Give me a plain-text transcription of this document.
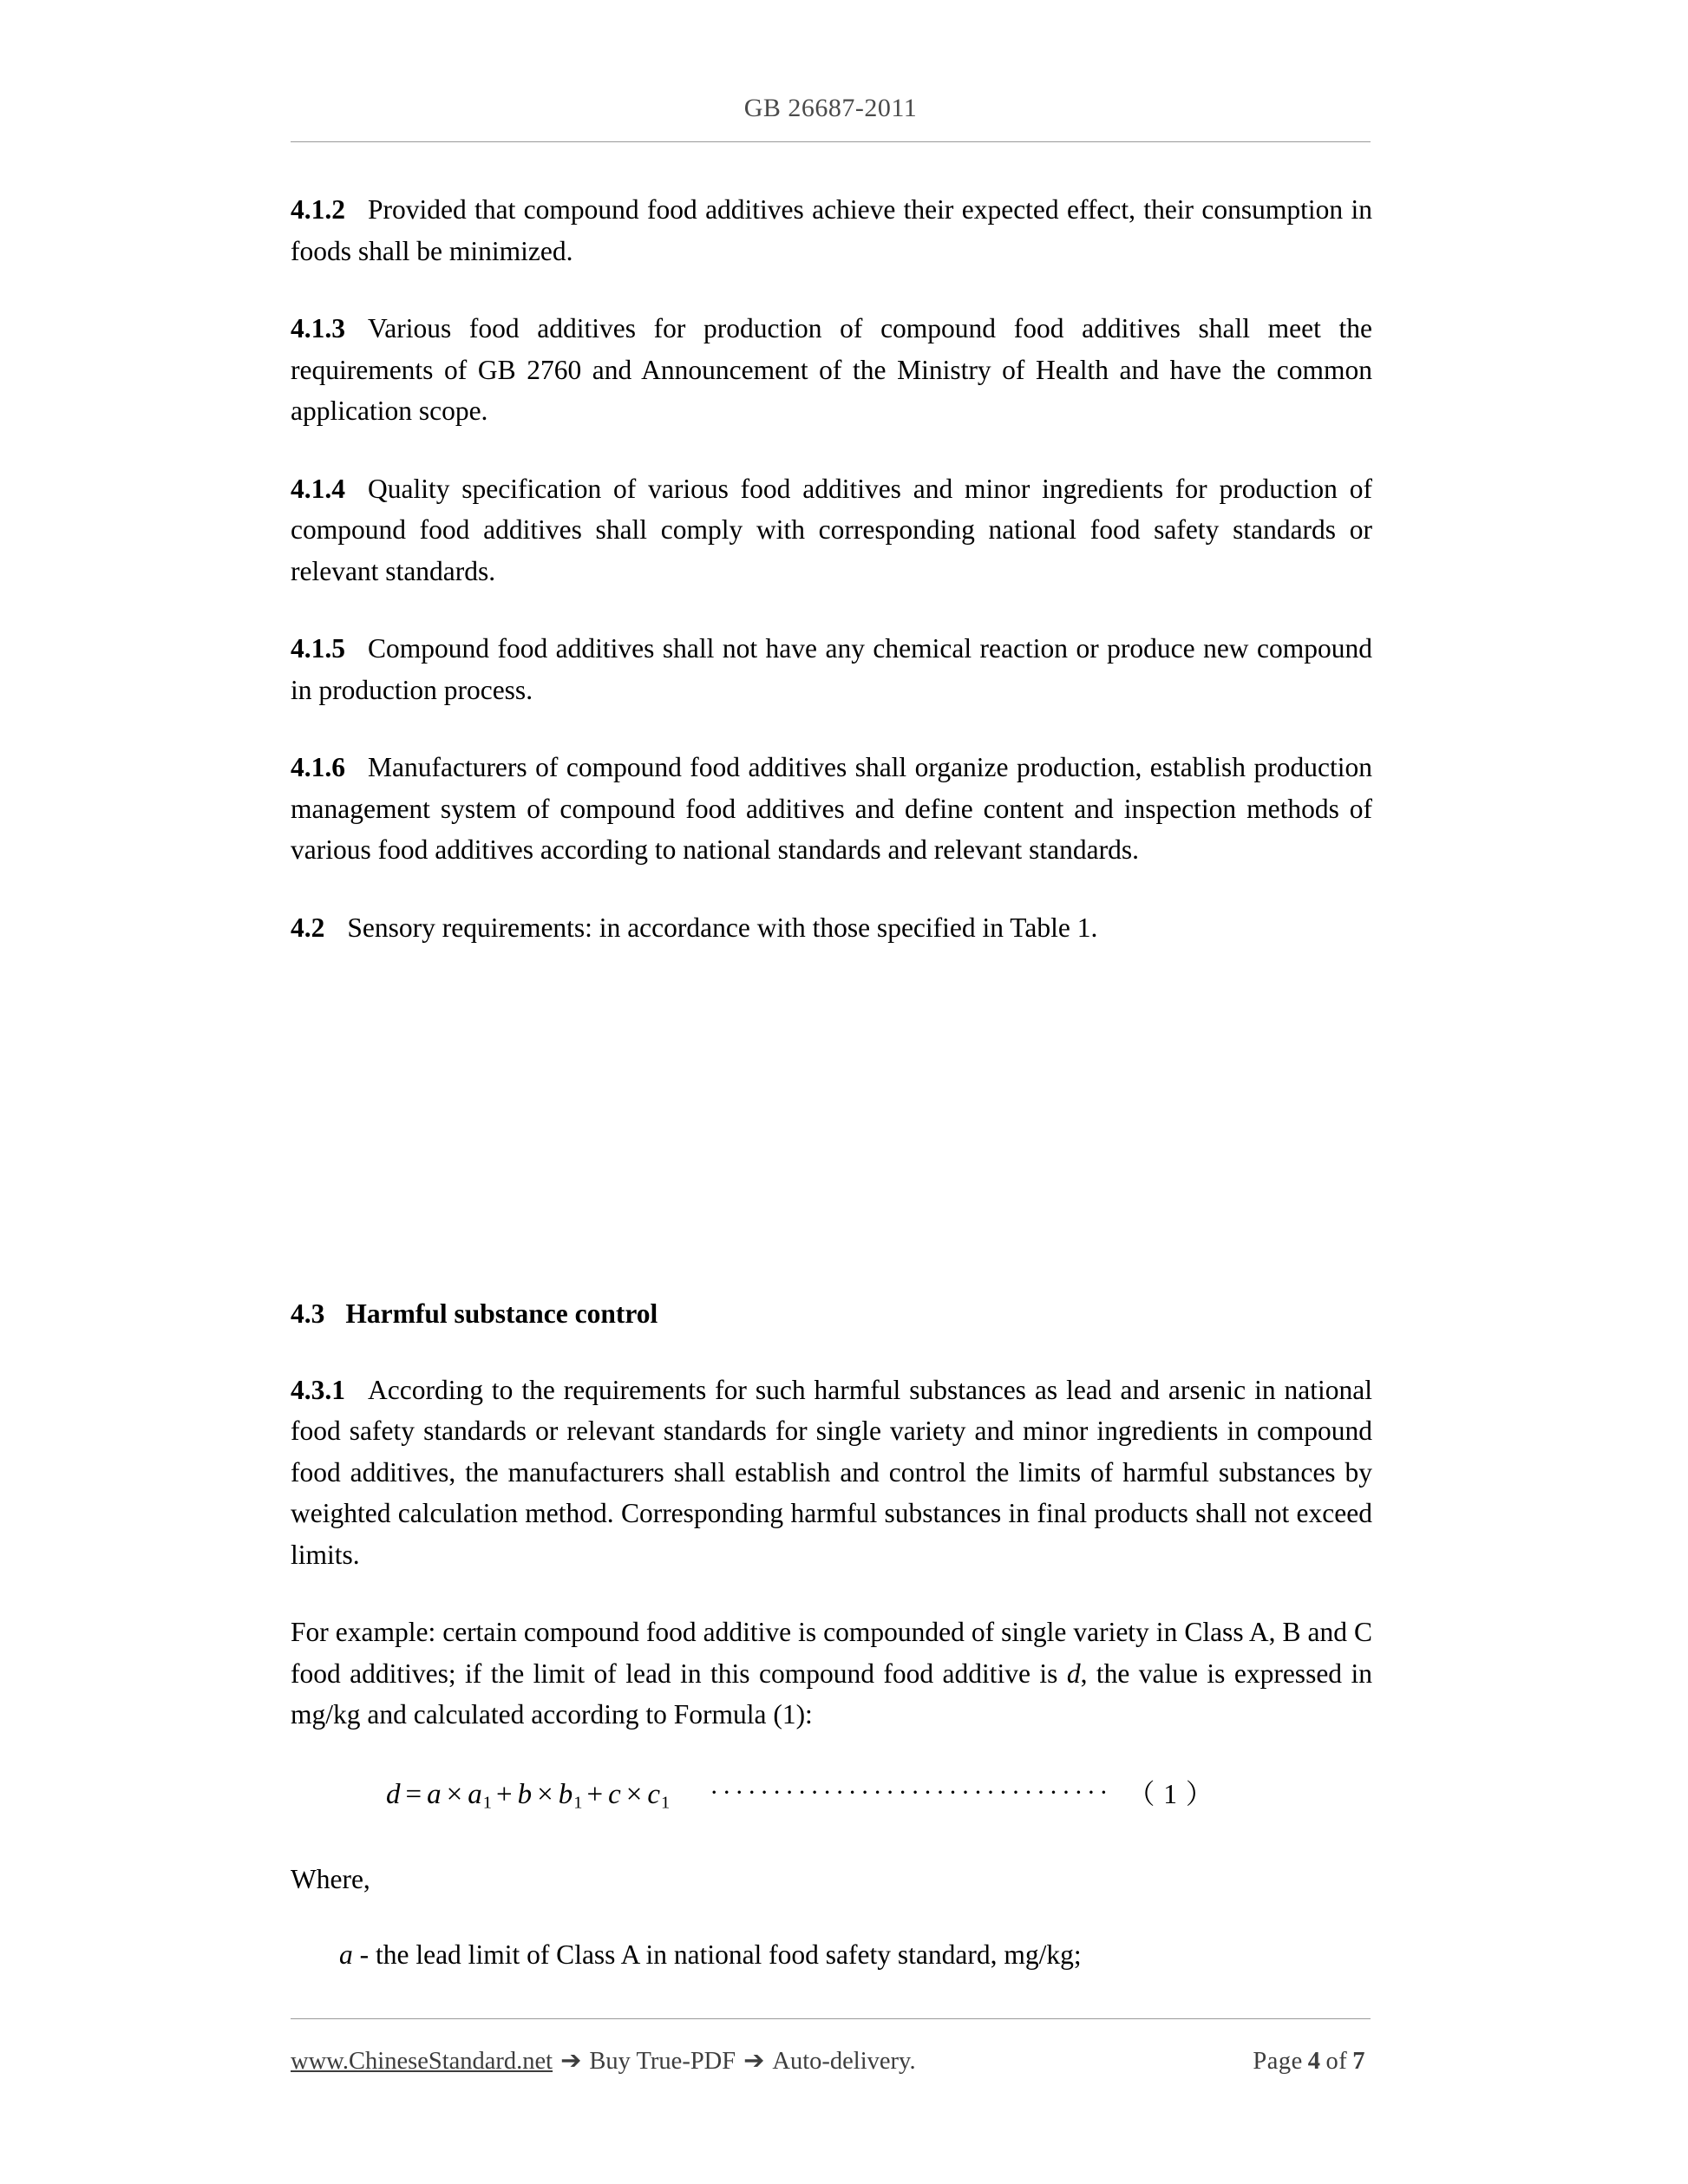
GB 26687-2011

4.1.2 Provided that compound food additives achieve their expected effect, their consumption in foods shall be minimized.

4.1.3 Various food additives for production of compound food additives shall meet the requirements of GB 2760 and Announcement of the Ministry of Health and have the common application scope.

4.1.4 Quality specification of various food additives and minor ingredients for production of compound food additives shall comply with corresponding national food safety standards or relevant standards.

4.1.5 Compound food additives shall not have any chemical reaction or produce new compound in production process.

4.1.6 Manufacturers of compound food additives shall organize production, establish production management system of compound food additives and define content and inspection methods of various food additives according to national standards and relevant standards.

4.2 Sensory requirements: in accordance with those specified in Table 1.

4.3 Harmful substance control

4.3.1 According to the requirements for such harmful substances as lead and arsenic in national food safety standards or relevant standards for single variety and minor ingredients in compound food additives, the manufacturers shall establish and control the limits of harmful substances by weighted calculation method. Corresponding harmful substances in final products shall not exceed limits.

For example: certain compound food additive is compounded of single variety in Class A, B and C food additives; if the limit of lead in this compound food additive is d, the value is expressed in mg/kg and calculated according to Formula (1):

$d = a \times a_1 + b \times b_1 + c \times c_1$ ································ （ 1 ）

Where,

a - the lead limit of Class A in national food safety standard, mg/kg;

www.ChineseStandard.net ➔ Buy True-PDF ➔ Auto-delivery.	Page 4 of 7
